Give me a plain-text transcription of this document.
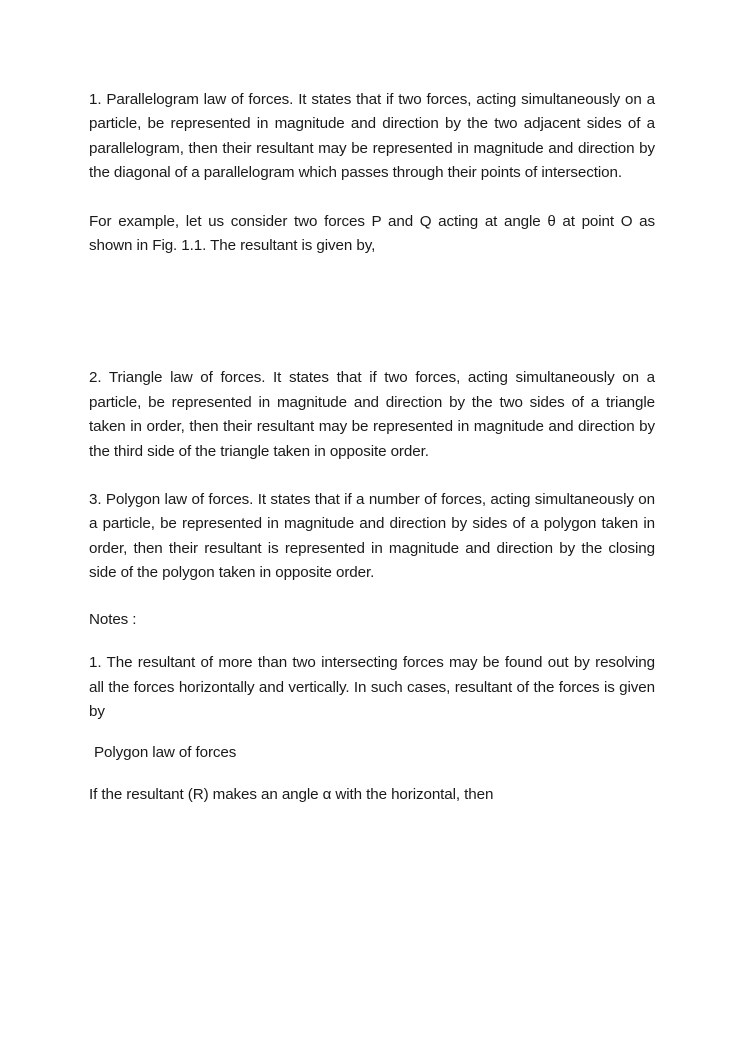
1. Parallelogram law of forces. It states that if two forces, acting simultaneously on a particle, be represented in magnitude and direction by the two adjacent sides of a parallelogram, then their resultant may be represented in magnitude and direction by the diagonal of a parallelogram which passes through their points of intersection.

For example, let us consider two forces P and Q acting at angle θ at point O as shown in Fig. 1.1. The resultant is given by,

2. Triangle law of forces. It states that if two forces, acting simultaneously on a particle, be represented in magnitude and direction by the two sides of a triangle taken in order, then their resultant may be represented in magnitude and direction by the third side of the triangle taken in opposite order.

3. Polygon law of forces. It states that if a number of forces, acting simultaneously on a particle, be represented in magnitude and direction by sides of a polygon taken in order, then their resultant is represented in magnitude and direction by the closing side of the polygon taken in opposite order.

Notes :

1. The resultant of more than two intersecting forces may be found out by resolving all the forces horizontally and vertically. In such cases, resultant of the forces is given by

Polygon law of forces

If the resultant (R) makes an angle α with the horizontal, then
